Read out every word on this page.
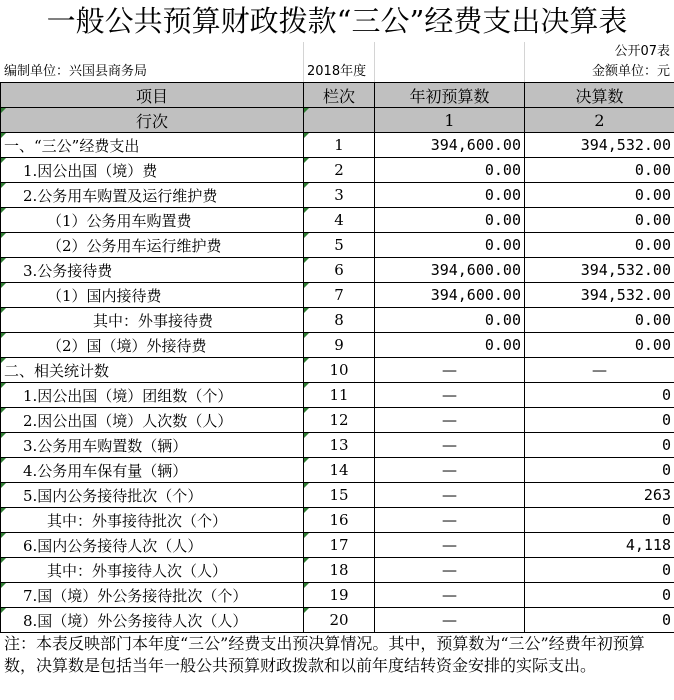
一般公共预算财政拨款“三公”经费支出决算表
公开07表
编制单位：兴国县商务局	2018年度	金额单位：元
项目	栏次	年初预算数	决算数
行次		1	2
一、“三公”经费支出	1	394,600.00	394,532.00
1.因公出国（境）费	2	0.00	0.00
2.公务用车购置及运行维护费	3	0.00	0.00
（1）公务用车购置费	4	0.00	0.00
（2）公务用车运行维护费	5	0.00	0.00
3.公务接待费	6	394,600.00	394,532.00
（1）国内接待费	7	394,600.00	394,532.00
其中：外事接待费	8	0.00	0.00
（2）国（境）外接待费	9	0.00	0.00
二、相关统计数	10	—	—
1.因公出国（境）团组数（个）	11	—	0
2.因公出国（境）人次数（人）	12	—	0
3.公务用车购置数（辆）	13	—	0
4.公务用车保有量（辆）	14	—	0
5.国内公务接待批次（个）	15	—	263
其中：外事接待批次（个）	16	—	0
6.国内公务接待人次（人）	17	—	4,118
其中：外事接待人次（人）	18	—	0
7.国（境）外公务接待批次（个）	19	—	0
8.国（境）外公务接待人次（人）	20	—	0
注：本表反映部门本年度“三公”经费支出预决算情况。其中，预算数为“三公”经费年初预算数，决算数是包括当年一般公共预算财政拨款和以前年度结转资金安排的实际支出。
